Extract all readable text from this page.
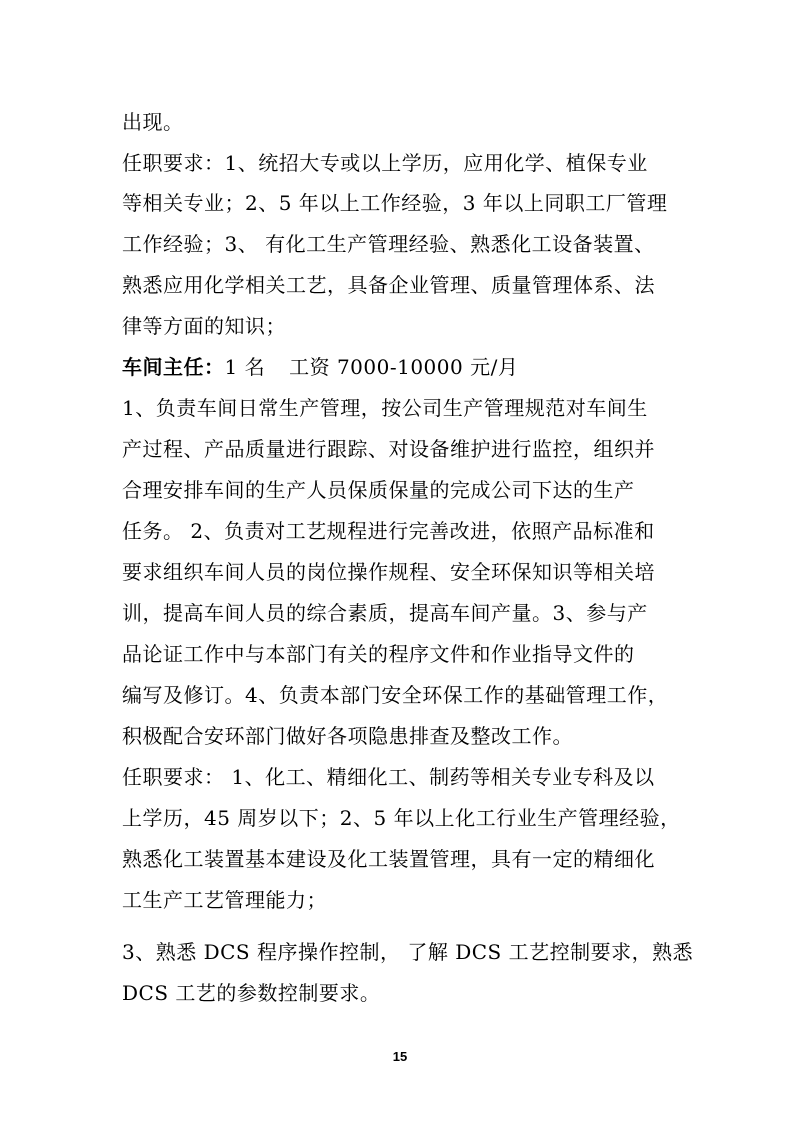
出现。
任职要求：1、统招大专或以上学历，应用化学、植保专业
等相关专业；2、5 年以上工作经验，3 年以上同职工厂管理
工作经验；3、 有化工生产管理经验、熟悉化工设备装置、
熟悉应用化学相关工艺，具备企业管理、质量管理体系、法
律等方面的知识；
车间主任：1 名 工资 7000-10000 元/月
1、负责车间日常生产管理，按公司生产管理规范对车间生
产过程、产品质量进行跟踪、对设备维护进行监控，组织并
合理安排车间的生产人员保质保量的完成公司下达的生产
任务。 2、负责对工艺规程进行完善改进，依照产品标准和
要求组织车间人员的岗位操作规程、安全环保知识等相关培
训，提高车间人员的综合素质，提高车间产量。3、参与产
品论证工作中与本部门有关的程序文件和作业指导文件的
编写及修订。4、负责本部门安全环保工作的基础管理工作，
积极配合安环部门做好各项隐患排查及整改工作。
任职要求： 1、化工、精细化工、制药等相关专业专科及以
上学历，45 周岁以下；2、5 年以上化工行业生产管理经验，
熟悉化工装置基本建设及化工装置管理，具有一定的精细化
工生产工艺管理能力；
3、熟悉 DCS 程序操作控制， 了解 DCS 工艺控制要求，熟悉
DCS 工艺的参数控制要求。
15
